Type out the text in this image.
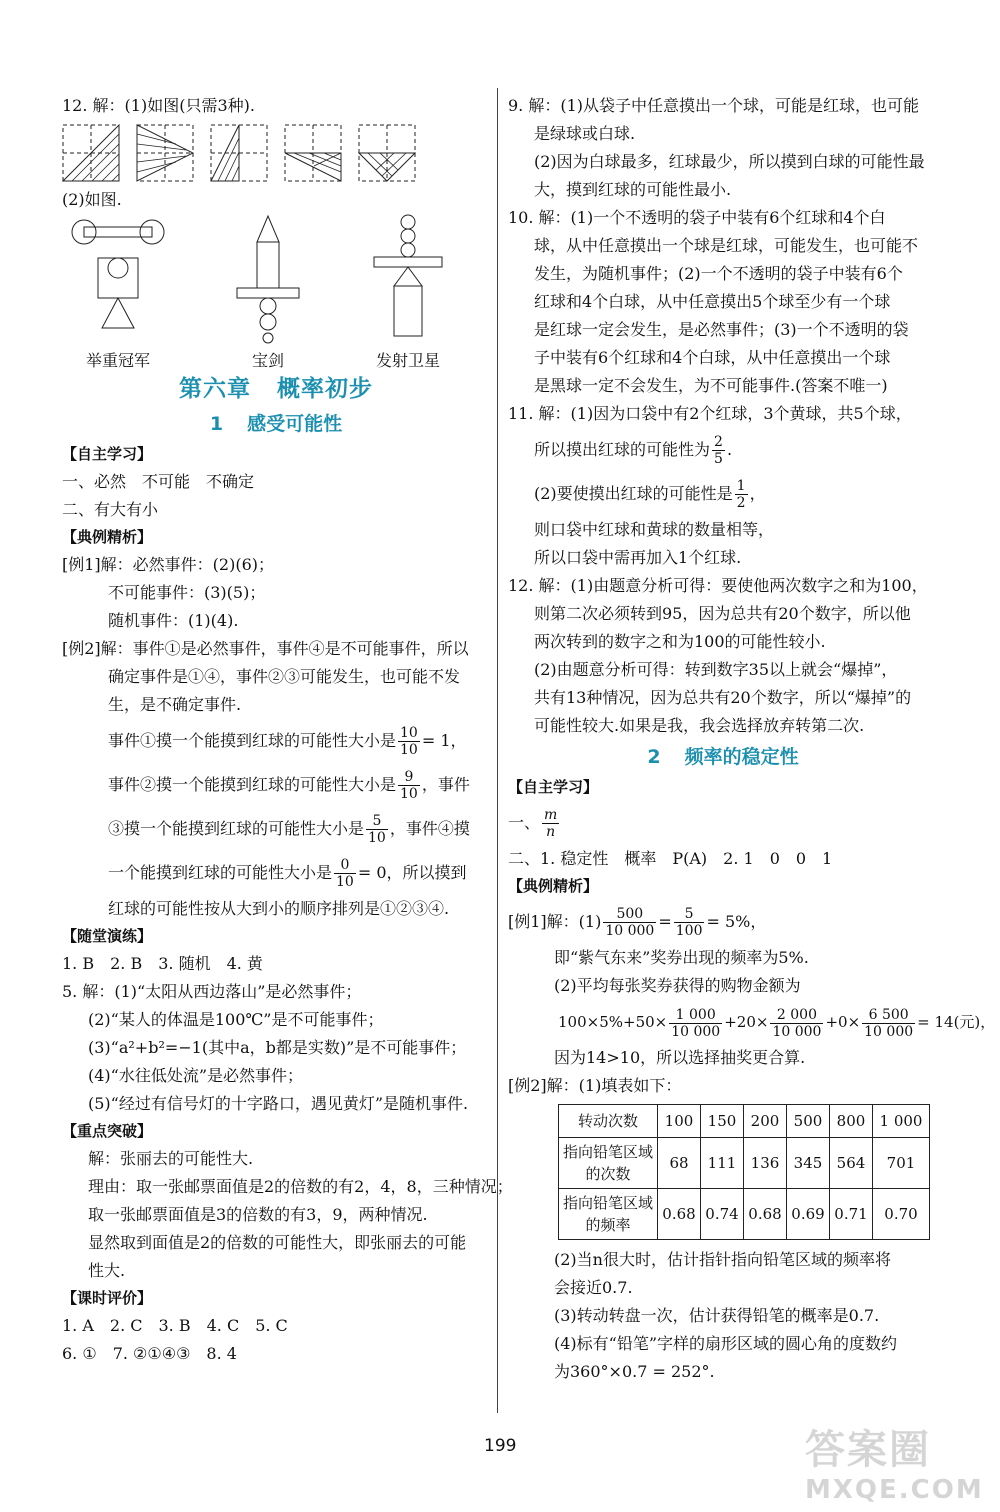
12. 解：(1)如图(只需3种).
(2)如图.
举重冠军	宝剑	发射卫星
第六章 概率初步
1 感受可能性
【自主学习】
一、必然　不可能　不确定
二、有大有小
【典例精析】
[例1]解：必然事件：(2)(6)；
不可能事件：(3)(5)；
随机事件：(1)(4).
[例2]解：事件①是必然事件，事件④是不可能事件，所以
确定事件是①④，事件②③可能发生，也可能不发
生，是不确定事件.
事件①摸一个能摸到红球的可能性大小是 $\frac{10}{10} = 1$，
事件②摸一个能摸到红球的可能性大小是 $\frac{9}{10}$ ，事件
③摸一个能摸到红球的可能性大小是 $\frac{5}{10}$ ，事件④摸
一个能摸到红球的可能性大小是 $\frac{0}{10} = 0$，所以摸到
红球的可能性按从大到小的顺序排列是①②③④.
【随堂演练】
1. B　2. B　3. 随机　4. 黄
5. 解：(1)“太阳从西边落山”是必然事件；
(2)“某人的体温是100℃”是不可能事件；
(3)“a²+b²=−1(其中a，b都是实数)”是不可能事件；
(4)“水往低处流”是必然事件；
(5)“经过有信号灯的十字路口，遇见黄灯”是随机事件.
【重点突破】
解：张丽去的可能性大.
理由：取一张邮票面值是2的倍数的有2，4，8，三种情况；
取一张邮票面值是3的倍数的有3，9，两种情况.
显然取到面值是2的倍数的可能性大，即张丽去的可能
性大.
【课时评价】
1. A　2. C　3. B　4. C　5. C
6. ①　7. ②①④③　8. 4
9. 解：(1)从袋子中任意摸出一个球，可能是红球，也可能
是绿球或白球.
(2)因为白球最多，红球最少，所以摸到白球的可能性最
大，摸到红球的可能性最小.
10. 解：(1)一个不透明的袋子中装有6个红球和4个白
球，从中任意摸出一个球是红球，可能发生，也可能不
发生，为随机事件；(2)一个不透明的袋子中装有6个
红球和4个白球，从中任意摸出5个球至少有一个球
是红球一定会发生，是必然事件；(3)一个不透明的袋
子中装有6个红球和4个白球，从中任意摸出一个球
是黑球一定不会发生，为不可能事件.(答案不唯一)
11. 解：(1)因为口袋中有2个红球，3个黄球，共5个球，
所以摸出红球的可能性为 $\frac{2}{5}$ .
(2)要使摸出红球的可能性是 $\frac{1}{2}$ ，
则口袋中红球和黄球的数量相等，
所以口袋中需再加入1个红球.
12. 解：(1)由题意分析可得：要使他两次数字之和为100，
则第二次必须转到95，因为总共有20个数字，所以他
两次转到的数字之和为100的可能性较小.
(2)由题意分析可得：转到数字35以上就会“爆掉”，
共有13种情况，因为总共有20个数字，所以“爆掉”的
可能性较大.如果是我，我会选择放弃转第二次.
2 频率的稳定性
【自主学习】
一、 $\frac{m}{n}$
二、1. 稳定性　概率　P(A)　2. 1　0　0　1
【典例精析】
[例1]解：$(1) \frac{500}{10 000} = \frac{5}{100} = 5\%$，
即“紫气东来”奖券出现的频率为5%.
(2)平均每张奖券获得的购物金额为
$100\times 5\%+50\times \frac{1 000}{10 000} +20\times \frac{2 000}{10 000} +0\times \frac{6 500}{10 000} = 14$(元)，
因为14>10，所以选择抽奖更合算.
[例2]解：(1)填表如下：
转动次数	100	150	200	500	800	1 000
指向铅笔区域的次数	68	111	136	345	564	701
指向铅笔区域的频率	0.68	0.74	0.68	0.69	0.71	0.70
(2)当n很大时，估计指针指向铅笔区域的频率将
会接近0.7.
(3)转动转盘一次，估计获得铅笔的概率是0.7.
(4)标有“铅笔”字样的扇形区域的圆心角的度数约
为360°×0.7 = 252°.
199	答案圈
MXQE.COM
